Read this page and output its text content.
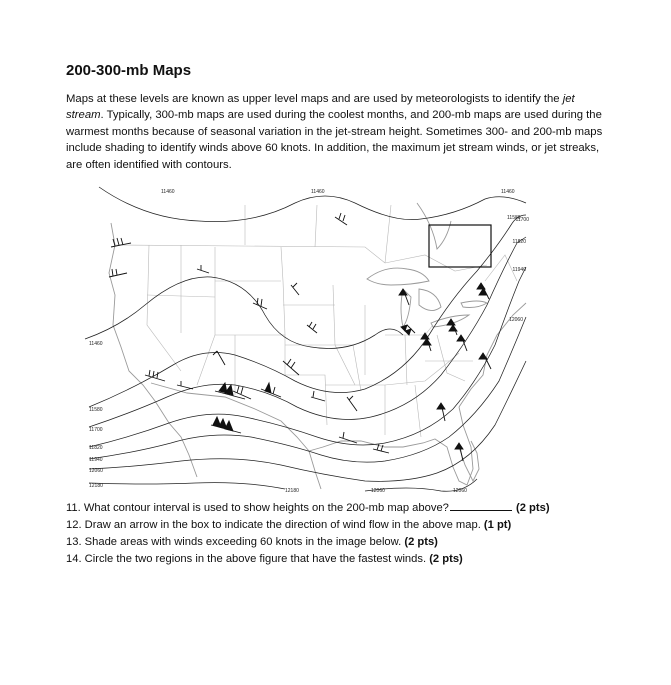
200-300-mb Maps

Maps at these levels are known as upper level maps and are used by meteorologists to identify the jet stream. Typically, 300-mb maps are used during the coolest months, and 200-mb maps are used during the warmest months because of seasonal variation in the jet-stream height. Sometimes 300- and 200-mb maps include shading to identify winds above 60 knots. In addition, the maximum jet stream winds, or jet streaks, are often identified with contours.

11460	11460	11460
11580
11700
11820
11940
12060
11460
11580
11700
11820
11940
12060
12180
12180	12060	12060
11. What contour interval is used to show heights on the 200-mb map above?	(2 pts)
12. Draw an arrow in the box to indicate the direction of wind flow in the above map. (1 pt)
13. Shade areas with winds exceeding 60 knots in the image below. (2 pts)
14. Circle the two regions in the above figure that have the fastest winds. (2 pts)
